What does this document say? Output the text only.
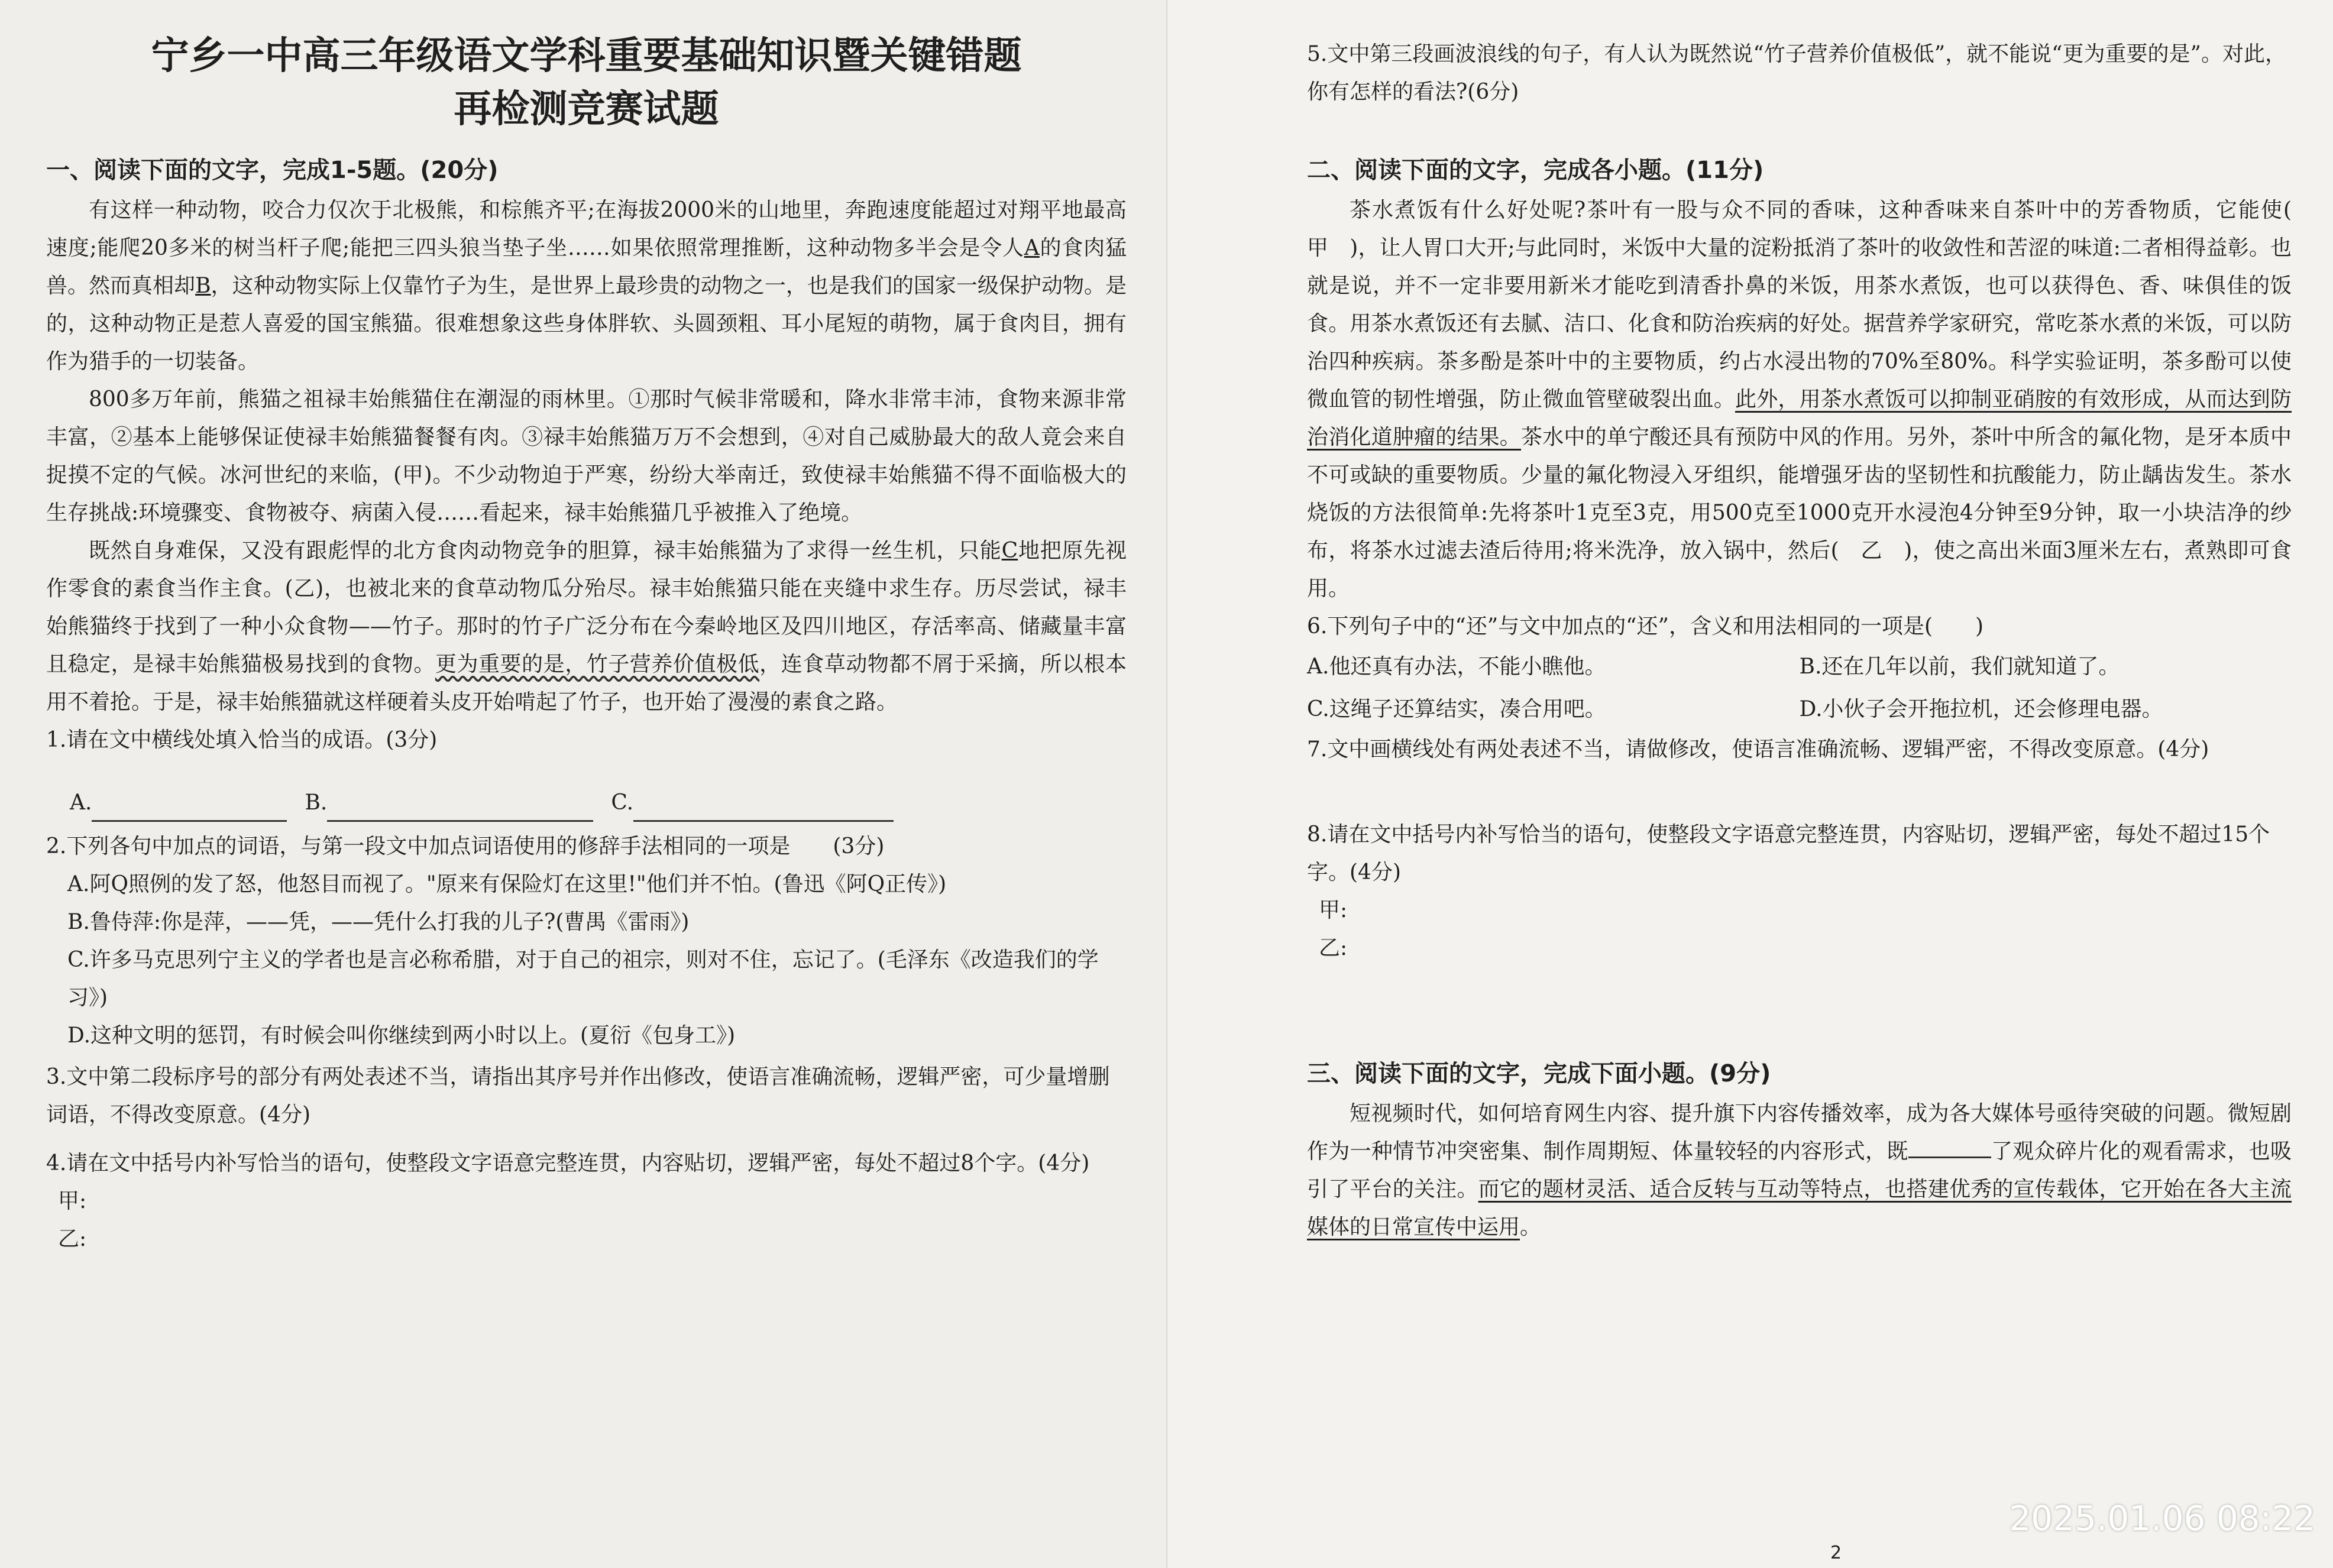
宁乡一中高三年级语文学科重要基础知识暨关键错题
再检测竞赛试题
一、阅读下面的文字，完成1-5题。(20分)

有这样一种动物，咬合力仅次于北极熊，和棕熊齐平;在海拔2000米的山地里，奔跑速度能超过对翔平地最高速度;能爬20多米的树当杆子爬;能把三四头狼当垫子坐……如果依照常理推断，这种动物多半会是令人A的食肉猛兽。然而真相却B，这种动物实际上仅靠竹子为生，是世界上最珍贵的动物之一，也是我们的国家一级保护动物。是的，这种动物正是惹人喜爱的国宝熊猫。很难想象这些身体胖软、头圆颈粗、耳小尾短的萌物，属于食肉目，拥有作为猎手的一切装备。

800多万年前，熊猫之祖禄丰始熊猫住在潮湿的雨林里。①那时气候非常暖和，降水非常丰沛，食物来源非常丰富，②基本上能够保证使禄丰始熊猫餐餐有肉。③禄丰始熊猫万万不会想到，④对自己威胁最大的敌人竟会来自捉摸不定的气候。冰河世纪的来临，(甲)。不少动物迫于严寒，纷纷大举南迁，致使禄丰始熊猫不得不面临极大的生存挑战:环境骤变、食物被夺、病菌入侵……看起来，禄丰始熊猫几乎被推入了绝境。

既然自身难保，又没有跟彪悍的北方食肉动物竞争的胆算，禄丰始熊猫为了求得一丝生机，只能C地把原先视作零食的素食当作主食。(乙)，也被北来的食草动物瓜分殆尽。禄丰始熊猫只能在夹缝中求生存。历尽尝试，禄丰始熊猫终于找到了一种小众食物——竹子。那时的竹子广泛分布在今秦岭地区及四川地区，存活率高、储藏量丰富且稳定，是禄丰始熊猫极易找到的食物。更为重要的是，竹子营养价值极低，连食草动物都不屑于采摘，所以根本用不着抢。于是，禄丰始熊猫就这样硬着头皮开始啃起了竹子，也开始了漫漫的素食之路。

1.请在文中横线处填入恰当的成语。(3分)

A.	B.	C.

2.下列各句中加点的词语，与第一段文中加点词语使用的修辞手法相同的一项是　　 (3分)

A.阿Q照例的发了怒，他怒目而视了。"原来有保险灯在这里!"他们并不怕。(鲁迅《阿Q正传》)

B.鲁侍萍:你是萍，——凭，——凭什么打我的儿子?(曹禺《雷雨》)

C.许多马克思列宁主义的学者也是言必称希腊，对于自己的祖宗，则对不住，忘记了。(毛泽东《改造我们的学习》)

D.这种文明的惩罚，有时候会叫你继续到两小时以上。(夏衍《包身工》)

3.文中第二段标序号的部分有两处表述不当，请指出其序号并作出修改，使语言准确流畅，逻辑严密，可少量增删词语，不得改变原意。(4分)

4.请在文中括号内补写恰当的语句，使整段文字语意完整连贯，内容贴切，逻辑严密，每处不超过8个字。(4分)

甲:

乙:

5.文中第三段画波浪线的句子，有人认为既然说“竹子营养价值极低”，就不能说“更为重要的是”。对此，你有怎样的看法?(6分)

二、阅读下面的文字，完成各小题。(11分)

茶水煮饭有什么好处呢?茶叶有一股与众不同的香味，这种香味来自茶叶中的芳香物质，它能使(　甲　)，让人胃口大开;与此同时，米饭中大量的淀粉抵消了茶叶的收敛性和苦涩的味道:二者相得益彰。也就是说，并不一定非要用新米才能吃到清香扑鼻的米饭，用茶水煮饭，也可以获得色、香、味俱佳的饭食。用茶水煮饭还有去腻、洁口、化食和防治疾病的好处。据营养学家研究，常吃茶水煮的米饭，可以防治四种疾病。茶多酚是茶叶中的主要物质，约占水浸出物的70%至80%。科学实验证明，茶多酚可以使微血管的韧性增强，防止微血管壁破裂出血。此外，用茶水煮饭可以抑制亚硝胺的有效形成，从而达到防治消化道肿瘤的结果。茶水中的单宁酸还具有预防中风的作用。另外，茶叶中所含的氟化物，是牙本质中不可或缺的重要物质。少量的氟化物浸入牙组织，能增强牙齿的坚韧性和抗酸能力，防止龋齿发生。茶水烧饭的方法很简单:先将茶叶1克至3克，用500克至1000克开水浸泡4分钟至9分钟，取一小块洁净的纱布，将茶水过滤去渣后待用;将米洗净，放入锅中，然后(　乙　)，使之高出米面3厘米左右，煮熟即可食用。

6.下列句子中的“还”与文中加点的“还”，含义和用法相同的一项是(　　)

A.他还真有办法，不能小瞧他。	B.还在几年以前，我们就知道了。
C.这绳子还算结实，凑合用吧。	D.小伙子会开拖拉机，还会修理电器。

7.文中画横线处有两处表述不当，请做修改，使语言准确流畅、逻辑严密，不得改变原意。(4分)

8.请在文中括号内补写恰当的语句，使整段文字语意完整连贯，内容贴切，逻辑严密，每处不超过15个字。(4分)

甲:

乙:

三、阅读下面的文字，完成下面小题。(9分)

短视频时代，如何培育网生内容、提升旗下内容传播效率，成为各大媒体号亟待突破的问题。微短剧作为一种情节冲突密集、制作周期短、体量较轻的内容形式，既	了观众碎片化的观看需求，也吸引了平台的关注。而它的题材灵活、适合反转与互动等特点，也搭建优秀的宣传载体，它开始在各大主流媒体的日常宣传中运用。

2
2025.01.06 08:22
